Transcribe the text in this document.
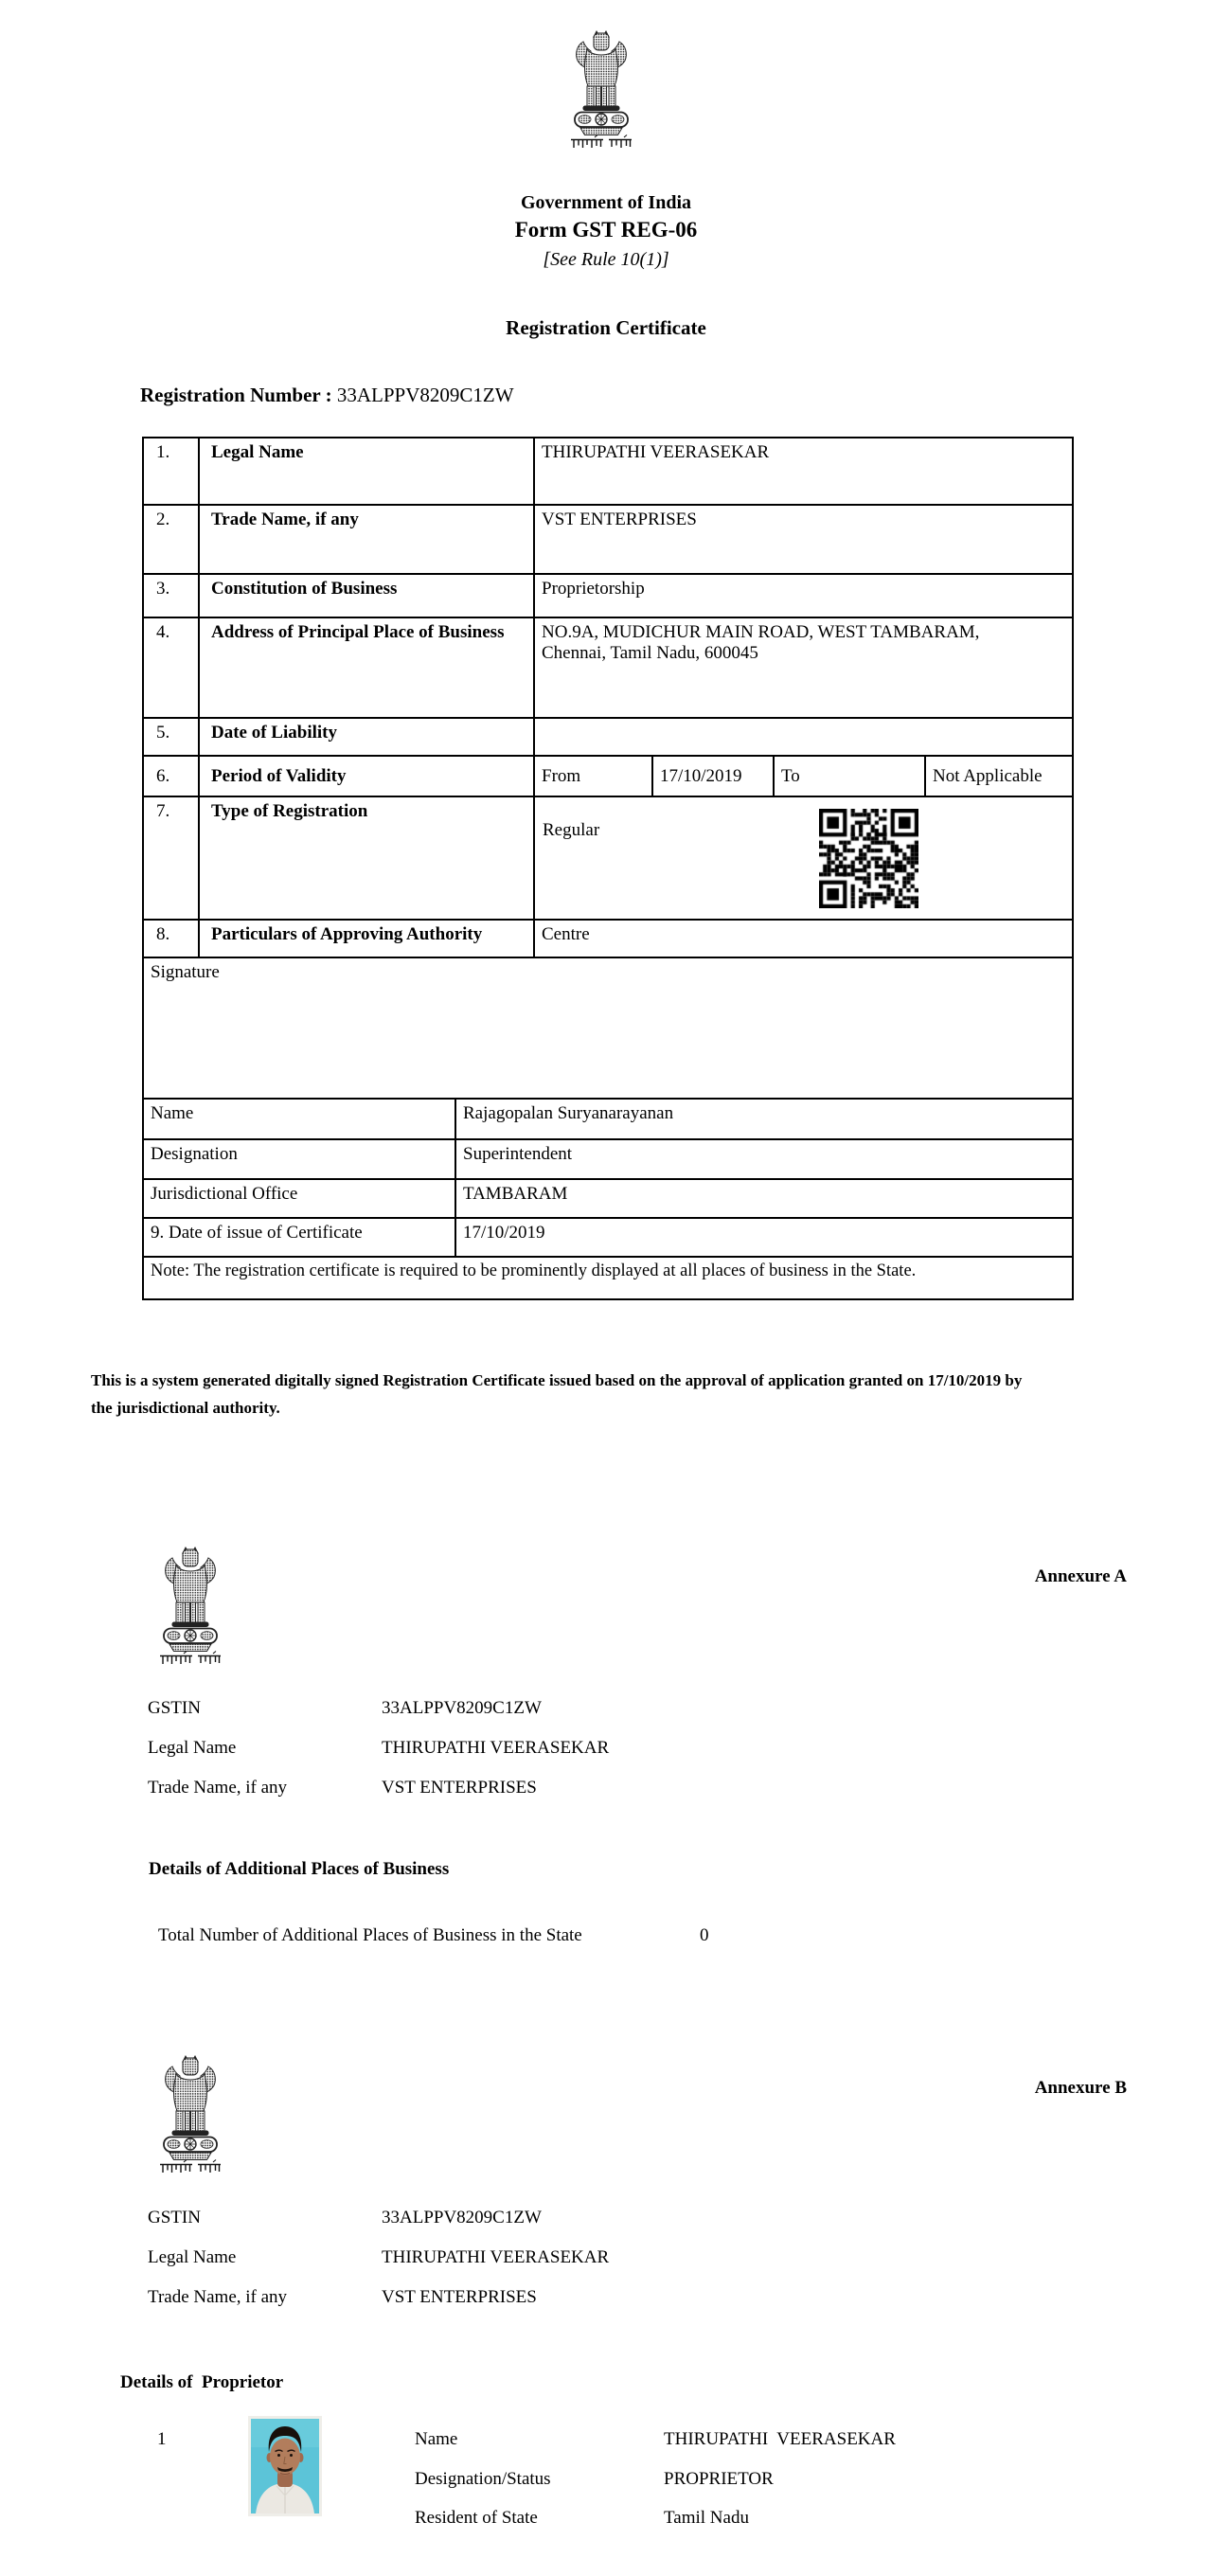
Government of India
Form GST REG-06
[See Rule 10(1)]
Registration Certificate
Registration Number : 33ALPPV8209C1ZW
1.	Legal Name		THIRUPATHI VEERASEKAR			
2.	Trade Name, if any		VST ENTERPRISES			
3.	Constitution of Business		Proprietorship			
4.	Address of Principal Place of Business		NO.9A, MUDICHUR MAIN ROAD, WEST TAMBARAM,
Chennai, Tamil Nadu, 600045			

5.	Date of Liability					
6.	Period of Validity		From	17/10/2019	To	Not Applicable
7.	Type of Registration		Regular			

8.	Particulars of Approving Authority		Centre			
Signature						
Name		Rajagopalan Suryanarayanan				
Designation		Superintendent				
Jurisdictional Office		TAMBARAM				
9. Date of issue of Certificate		17/10/2019				
Note: The registration certificate is required to be prominently displayed at all places of business in the State.						
This is a system generated digitally signed Registration Certificate issued based on the approval of application granted on 17/10/2019 by
the jurisdictional authority.
Annexure A
GSTIN	33ALPPV8209C1ZW
Legal Name	THIRUPATHI VEERASEKAR
Trade Name, if any	VST ENTERPRISES
Details of Additional Places of Business
Total Number of Additional Places of Business in the State	0
Annexure B
GSTIN	33ALPPV8209C1ZW
Legal Name	THIRUPATHI VEERASEKAR
Trade Name, if any	VST ENTERPRISES
Details of  Proprietor
1	Name	THIRUPATHI  VEERASEKAR
Designation/Status	PROPRIETOR
Resident of State	Tamil Nadu
